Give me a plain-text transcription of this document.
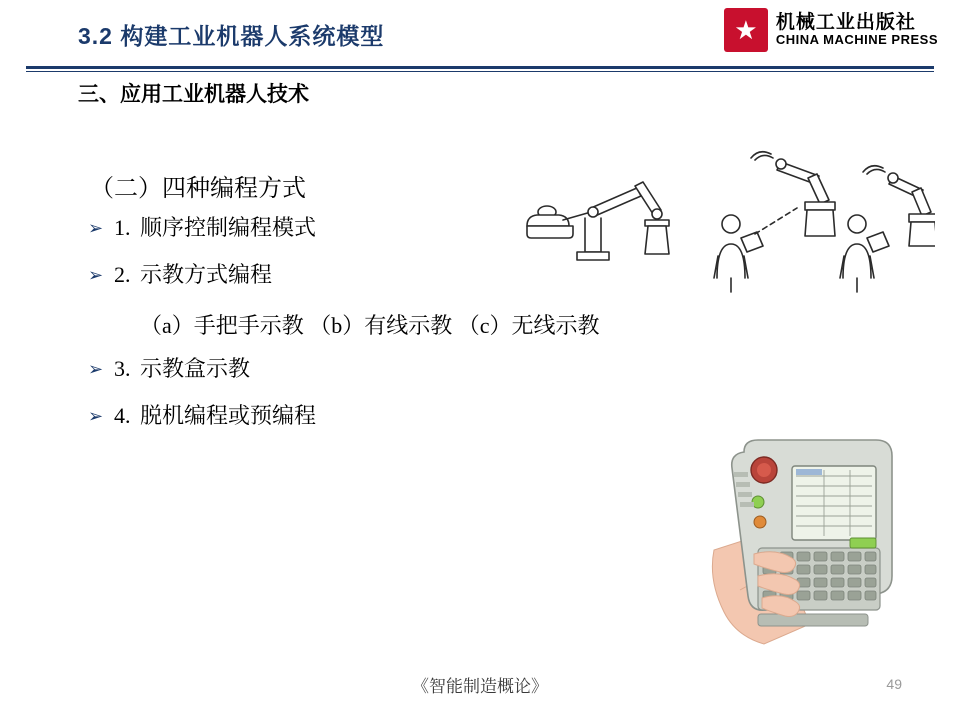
3.2 构建工业机器人系统模型	★ 机械工业出版社
CHINA MACHINE PRESS
三、应用工业机器人技术
（二）四种编程方式
➢ 1. 顺序控制编程模式
➢ 2. 示教方式编程
➢ 3. 示教盒示教
➢ 4. 脱机编程或预编程
（a）手把手示教 （b）有线示教 （c）无线示教
《智能制造概论》	49
